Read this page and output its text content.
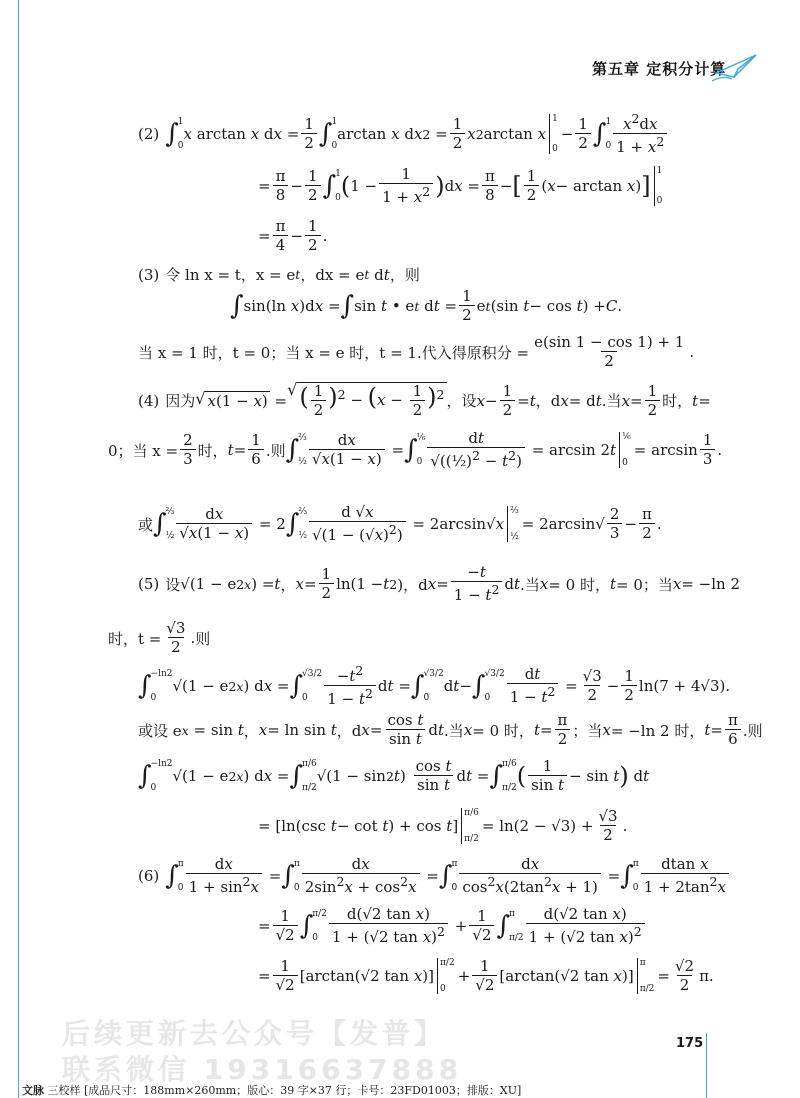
第五章 定积分计算
(2) ∫ 1
0
x arctan x d $x = \frac{1}{2}$ ∫ 1
0
arctan x d x $2 = \frac{1}{2}$ x 2 arctan x
1
0
− $\frac{1}{2}$ ∫ 1
$0 \frac{x^2dx}{1 + x^2}$
= $\frac{\pi}{8} - \frac{1}{2}$ ∫ 1
0 ( $1 - \frac{1}{1 + x^2}$ ) d $x = \frac{\pi}{8}$ − [ $\frac{1}{2}$ ( x − arctan x ) ]
1
0
= $\frac{\pi}{4} - \frac{1}{2}$ .
(3) 令 ln x = t，x = e t ， dx = e t d t ，则
∫ sin(ln x )d x = ∫ sin t • e t d $t = \frac{1}{2}$ e t (sin t − cos t ) + C .
当 x = 1 时，t = 0；当 x = e 时，t = 1.代入得原积分 = $\frac{e(\sin 1 - \cos 1) + 1}{2}$ .
(4) 因为 √ x(1 − x) =
√ ( $\frac{1}{2} )^2 - (x - \frac{1}{2} )^2$ ，设 $x - \frac{1}{2} = t$ ，d x = d t .当 $x = \frac{1}{2}$ 时， t =
0；当 $x = \frac{2}{3}$ 时， $t = \frac{1}{6}$ .则 ∫ ⅔
½ $\frac{dx}{√x(1 - x)}$ = ∫ ⅙
$0 \frac{dt}{√((\frac{1}{2})^2 - t^2)} = \arcsin 2$ t
⅙
0
= $\arcsin \frac{1}{3}$ .
或 ∫ ⅔
½ $\frac{dx}{√x(1 - x)} = 2$ ∫ ⅔
½ $\frac{d √x}{√(1 - (√x)^2)} = 2\arcsin√$ x
⅔
½
= $2\arcsin√ \frac{2}{3} - \frac{\pi}{2}$ .
(5) 设 √(1 − e 2x ) = t ， $x = \frac{1}{2} \ln(1 - t$ 2 )，d $x = \frac{-t}{1 - t^2}$ d t .当 x = 0 时， t = 0；当 x = −ln 2
时，$t = \frac{√3}{2}$ . 则
∫ −ln2
0
√(1 − e 2x ) d x = ∫ √3/2
0	$\frac{-t^2}{1 - t^2}$ d t = ∫ √3/2
0
d t − ∫ √3/2
0	$\frac{dt}{1 - t^2} = \frac{√3}{2} - \frac{1}{2} \ln(7 + 4√3)$.
或设 e x = sin t ， x = ln sin t ，d $x = \frac{\text{cos t}}{\text{sin t}}$ d t .当 x = 0 时， $t = \frac{\pi}{2}$ ；当 x = −ln 2 时， $t = \frac{\pi}{6}$ .则
∫ −ln2
0
√(1 − e 2x ) d x = ∫ π/6
π/2
√(1 − sin 2 t ) $\frac{\text{cos t}}{\text{sin t}}$ d t = ∫ π/6
π/2 ( $\frac{1}{\text{sin t}} - \sin t$ ) d t
= [ln(csc t − cot t ) + cos t ]
π/6
π/2
= $\ln(2 - √3) + \frac{√3}{2}$ .
(6) ∫ π
$0 \frac{dx}{1 + \sin^2x}$ = ∫ π
$0 \frac{dx}{2\sin^2x + \cos^2x}$ = ∫ π
$0 \frac{dx}{\cos^2x(2\tan^2x + 1)}$ = ∫ π
$0 \frac{\text{dtan x}}{1 + 2\tan^2x}$
= $\frac{1}{√2}$ ∫ π/2
$0 \frac{\text{d(√2 tan x)}}{1 + (√2 \tan x)^2} + \frac{1}{√2}$ ∫ π
$\pi/2 \frac{\text{d(√2 tan x)}}{1 + (√2 \tan x)^2}$
= $\frac{1}{√2} [\arctan(√2$ tan x )]
π/2
0
+ $\frac{1}{√2} [\arctan(√2$ tan x )]
π
π/2
= $\frac{√2}{2} \pi$.
后续更新去公众号【发普】
联系微信 19316637888
175
文脉 三校样 [成品尺寸：188mm×260mm；版心：39 字×37 行；卡号：23FD01003；排版：XU]
